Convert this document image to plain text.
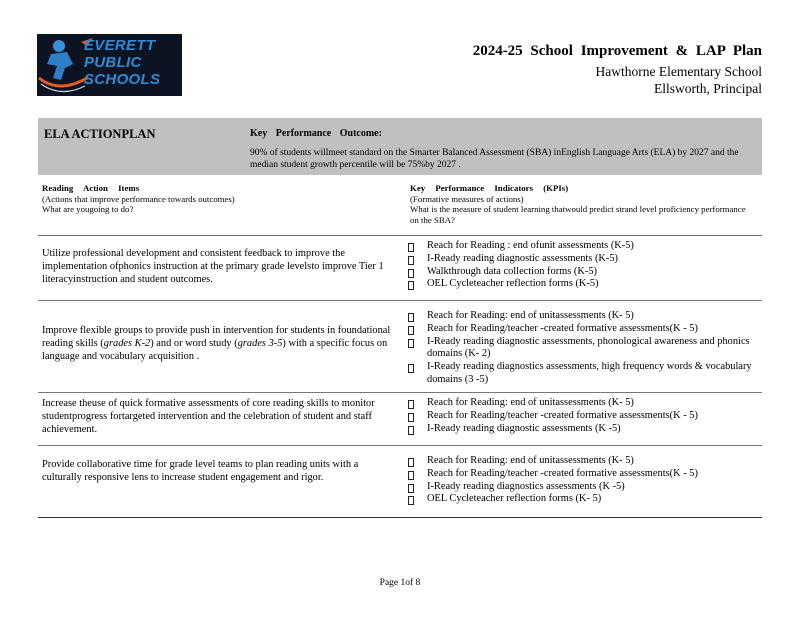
EVERETT
PUBLIC
SCHOOLS
2024-25 School Improvement & LAP Plan
Hawthorne Elementary School
Ellsworth, Principal
ELA ACTIONPLAN	Key Performance Outcome:
90% of students willmeet standard on the Smarter Balanced Assessment (SBA) inEnglish Language Arts (ELA) by 2027 and the median student growth percentile will be 75%by 2027 .
Reading Action Items
(Actions that improve performance towards outcomes)
What are yougoing to do?
Key Performance Indicators (KPIs)
(Formative measures of actions)
What is the measure of student learning thatwould predict strand level proficiency performance on the SBA?
Utilize professional development and consistent feedback to improve the implementation ofphonics instruction at the primary grade levelsto improve Tier 1 literacyinstruction and student outcomes.
Reach for Reading : end ofunit assessments (K-5)
I-Ready reading diagnostic assessments (K-5)
Walkthrough data collection forms (K-5)
OEL Cycleteacher reflection forms (K-5)
Improve flexible groups to provide push in intervention for students in foundational reading skills (grades K-2) and or word study (grades 3-5) with a specific focus on language and vocabulary acquisition .
Reach for Reading: end of unitassessments (K- 5)
Reach for Reading/teacher -created formative assessments(K - 5)
I-Ready reading diagnostic assessments, phonological awareness and phonics domains (K- 2)
I-Ready reading diagnostics assessments, high frequency words & vocabulary domains (3 -5)
Increase theuse of quick formative assessments of core reading skills to monitor studentprogress fortargeted intervention and the celebration of student and staff achievement.
Reach for Reading: end of unitassessments (K- 5)
Reach for Reading/teacher -created formative assessments(K - 5)
I-Ready reading diagnostic assessments (K -5)
Provide collaborative time for grade level teams to plan reading units with a culturally responsive lens to increase student engagement and rigor.
Reach for Reading: end of unitassessments (K- 5)
Reach for Reading/teacher -created formative assessments(K - 5)
I-Ready reading diagnostics assessments (K -5)
OEL Cycleteacher reflection forms (K- 5)
Page 1of 8
